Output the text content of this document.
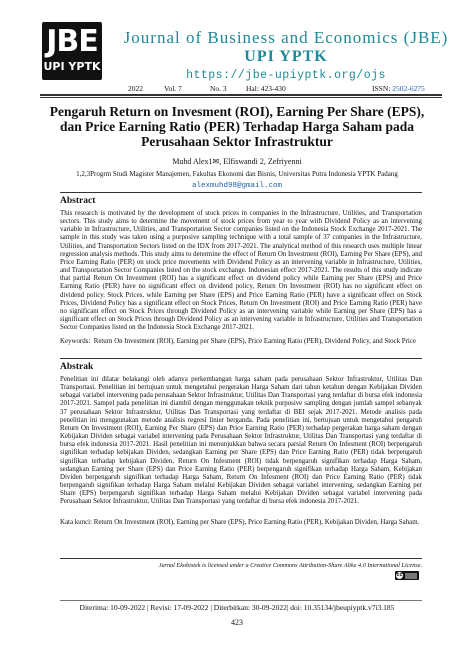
JBE
UPI YPTK
Journal of Business and Economics (JBE)
UPI YPTK
https://jbe-upiyptk.org/ojs
2022	Vol. 7	No. 3	Hal: 423-430	ISSN: 2502-6275
Pengaruh Return on Invesment (ROI), Earning Per Share (EPS), dan Price Earning Ratio (PER) Terhadap Harga Saham pada Perusahaan Sektor Infrastruktur
Muhd Alex1✉, Elfiswandi 2, Zefriyenni
1,2,3Progrm Studi Magister Manajemen, Fakultas Ekonomi dan Bisnis, Universitas Putra Indonesia YPTK Padang
alexmuhd98@gmail.com
Abstract
This research is motivated by the development of stock prices in companies in the Infrastructure, Utilities, and Transportation sectors. This study aims to determine the movement of stock prices from year to year with Dividend Policy as an intervening variable in Infrastructure, Utilities, and Transportation Sector companies listed on the Indonesia Stock Exchange 2017-2021. The sample in this study was taken using a purposive sampling technique with a total sample of 37 companies in the Infrastructure, Utilities, and Transportation Sectors listed on the IDX from 2017-2021. The analytical method of this research uses multiple linear regression analysis methods. This study aims to determine the effect of Return On Investment (ROI), Earning Per Share (EPS), and Price Earning Ratio (PER) on stock price movements with Dividend Policy as an intervening variable in Infrastructure, Utilities, and Transportation Sector Companies listed on the stock exchange. Indonesian effect 2017-2021. The results of this study indicate that partial Return On Investment (ROI) has a significant effect on dividend policy while Earning per Share (EPS) and Price Earning Ratio (PER) have no significant effect on dividend policy, Return On Investment (ROI) has no significant effect on dividend policy. Stock Prices, while Earning per Share (EPS) and Price Earning Ratio (PER) have a significant effect on Stock Prices, Dividend Policy has a significant effect on Stock Prices, Return On Investment (ROI) and Price Earning Ratio (PER) have no significant effect on Stock Prices through Dividend Policy as an intervening variable while Earning per Share (EPS) has a significant effect on Stock Prices through Dividend Policy as an intervening variable in Infrastructure, Utilities and Transportation Sector Companies listed on the Indonesia Stock Exchange 2017-2021.
Keywords: Return On Investment (ROI), Earning per Share (EPS), Price Earning Ratio (PER), Dividend Policy, and Stock Price
Abstrak
Penelitian ini dilatar belakangi oleh adanya perkembangan harga saham pada perusahaan Sektor Infrastruktur, Utilitas Dan Transportasi. Penelitian ini bertujuan untuk mengetahui pergerakan Harga Saham dari tahun ketahun dengan Kebijakan Dividen sebagai variabel intervening pada perusahaan Sektor Infrastruktur, Utilitas Dan Transportasi yang terdaftar di bursa efek indonesia 2017-2021. Sampel pada penelitian ini diambil dengan menggunakan teknik purposive sampling dengan jumlah sampel sebanyak 37 perusahaan Sektor Infrastruktur, Utilitas Dan Transportasi yang terdaftar di BEI sejak 2017-2021. Metode analisis pada penelitian ini menggunakan metode analisis regresi linier berganda. Pada penelitian ini, bertujuan untuk mengetahui pengaruh Return On Investment (ROI), Earning Per Share (EPS) dan Price Earning Ratio (PER) terhadap pergerakan harga saham dengan Kebijakan Dividen sebagai variabel intervening pada Perusahaan Sektor Infrastruktur, Utilitas Dan Transportasi yang terdaftar di bursa efek indonesia 2017-2021. Hasil penelitian ini menunjukkan bahwa secara parsial Return On Infesment (ROI) berpengaruh signifikan terhadap kebijakan Dividen, sedangkan Earning per Share (EPS) dan Price Earning Ratio (PER) tidak berpengaruh signifikan terhadap kebijakan Dividen, Return On Infesment (ROI) tidak berpengaruh signifikan terhadap Harga Saham, sedangkan Earning per Share (EPS) dan Price Earning Ratio (PER) berpengaruh signifikan terhadap Harga Saham, Kebijakan Dividen berpengaruh signifikan terhadap Harga Saham, Return On Infesment (ROI) dan Price Earning Ratio (PER) tidak berpengaruh signifikan terhadap Harga Saham melalui Kebijakan Dividen sebagai variabel intervening, sedangkan Earning per Share (EPS) berpengaruh signifikan terhadap Harga Saham melalui Kebijakan Dividen sebagai variabel intervening pada Perusahaan Sektor Infrastruktur, Utilitas Dan Transportasi yang terdaftar di bursa efek indonesia 2017-2021.
Kata kunci: Return On Investment (ROI), Earning per Share (EPS), Price Earning Ratio (PER), Kebijakan Dividen, Harga Saham.
Jurnal Ekobistek is licensed under a Creative Commons Attribution-Share Alike 4.0 International License.
cc
Diterima: 10-09-2022 | Revisi: 17-09-2022 | Diterbitkan: 30-09-2022| doi: 10.35134/jbeupiyptk.v7i3.185
423
